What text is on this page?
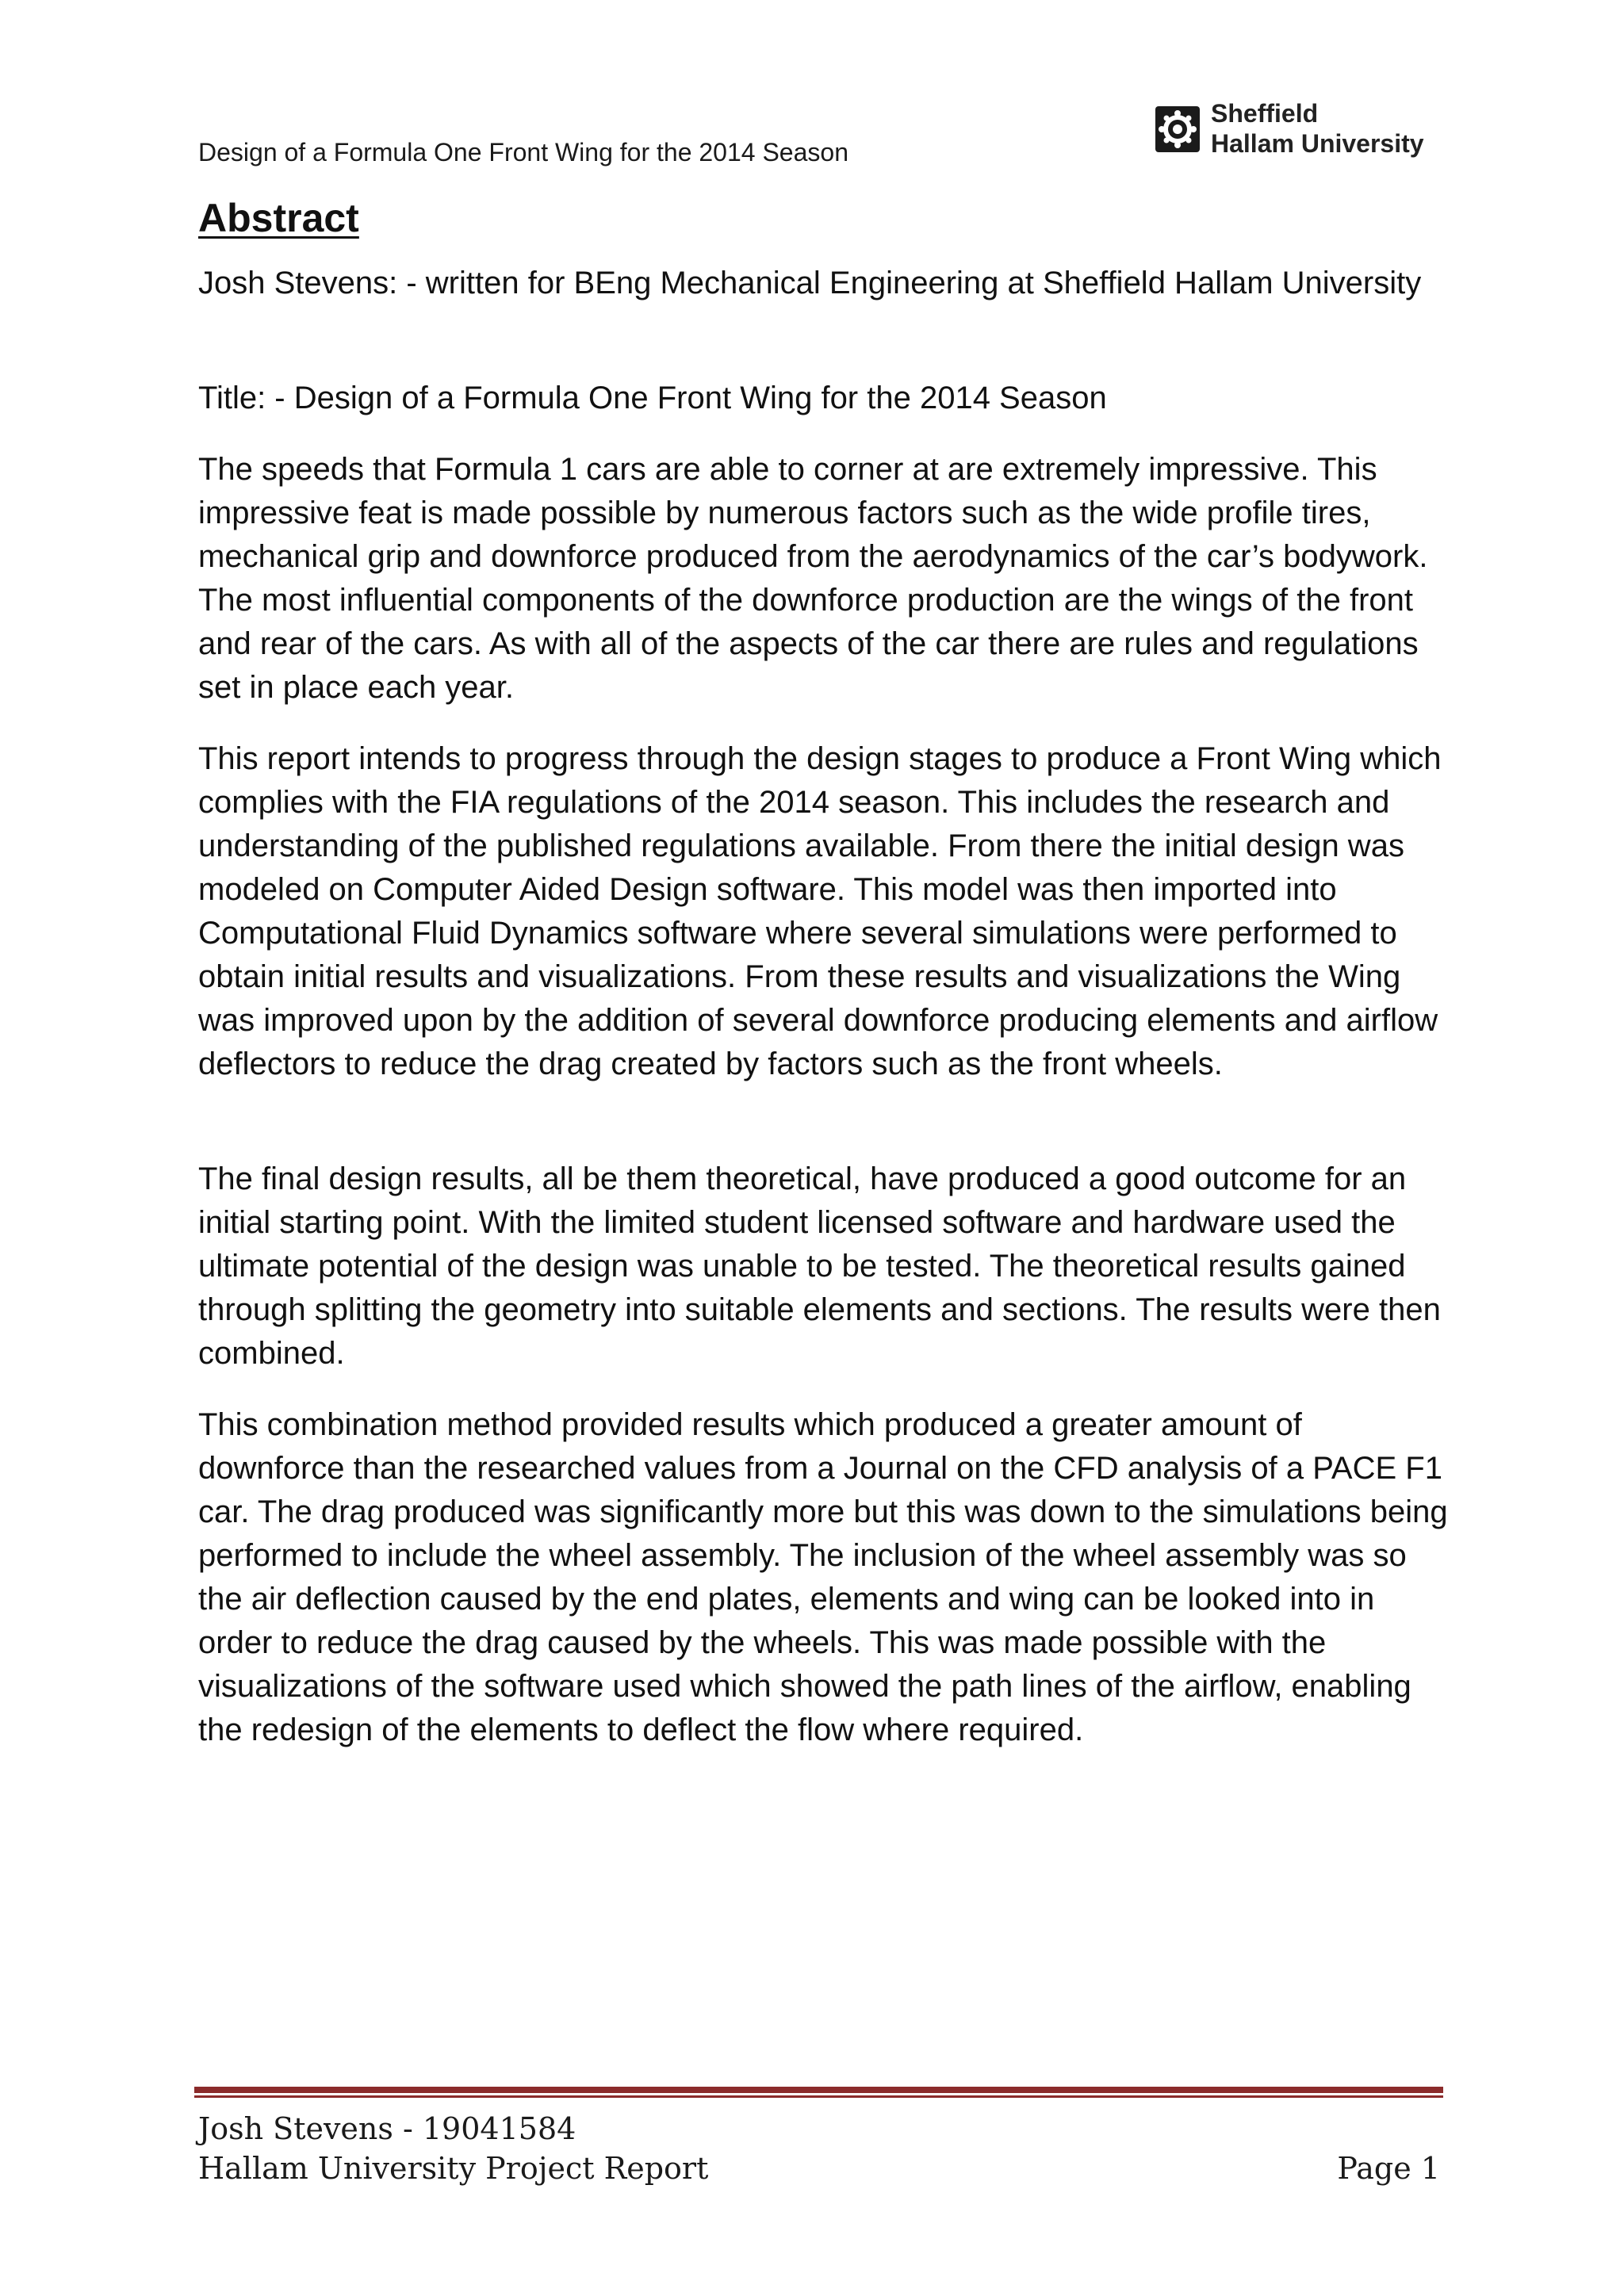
Design of a Formula One Front Wing for the 2014 Season
Sheffield
Hallam University
Abstract

Josh Stevens: - written for BEng Mechanical Engineering at Sheffield Hallam University

Title: - Design of a Formula One Front Wing for the 2014 Season

The speeds that Formula 1 cars are able to corner at are extremely impressive. This impressive feat is made possible by numerous factors such as the wide profile tires, mechanical grip and downforce produced from the aerodynamics of the car’s bodywork. The most influential components of the downforce production are the wings of the front and rear of the cars. As with all of the aspects of the car there are rules and regulations set in place each year.

This report intends to progress through the design stages to produce a Front Wing which complies with the FIA regulations of the 2014 season. This includes the research and understanding of the published regulations available. From there the initial design was modeled on Computer Aided Design software. This model was then imported into Computational Fluid Dynamics software where several simulations were performed to obtain initial results and visualizations. From these results and visualizations the Wing was improved upon by the addition of several downforce producing elements and airflow deflectors to reduce the drag created by factors such as the front wheels.

The final design results, all be them theoretical, have produced a good outcome for an initial starting point. With the limited student licensed software and hardware used the ultimate potential of the design was unable to be tested. The theoretical results gained through splitting the geometry into suitable elements and sections. The results were then combined.

This combination method provided results which produced a greater amount of downforce than the researched values from a Journal on the CFD analysis of a PACE F1 car. The drag produced was significantly more but this was down to the simulations being performed to include the wheel assembly. The inclusion of the wheel assembly was so the air deflection caused by the end plates, elements and wing can be looked into in order to reduce the drag caused by the wheels. This was made possible with the visualizations of the software used which showed the path lines of the airflow, enabling the redesign of the elements to deflect the flow where required.

Josh Stevens - 19041584
Hallam University Project Report	Page 1
